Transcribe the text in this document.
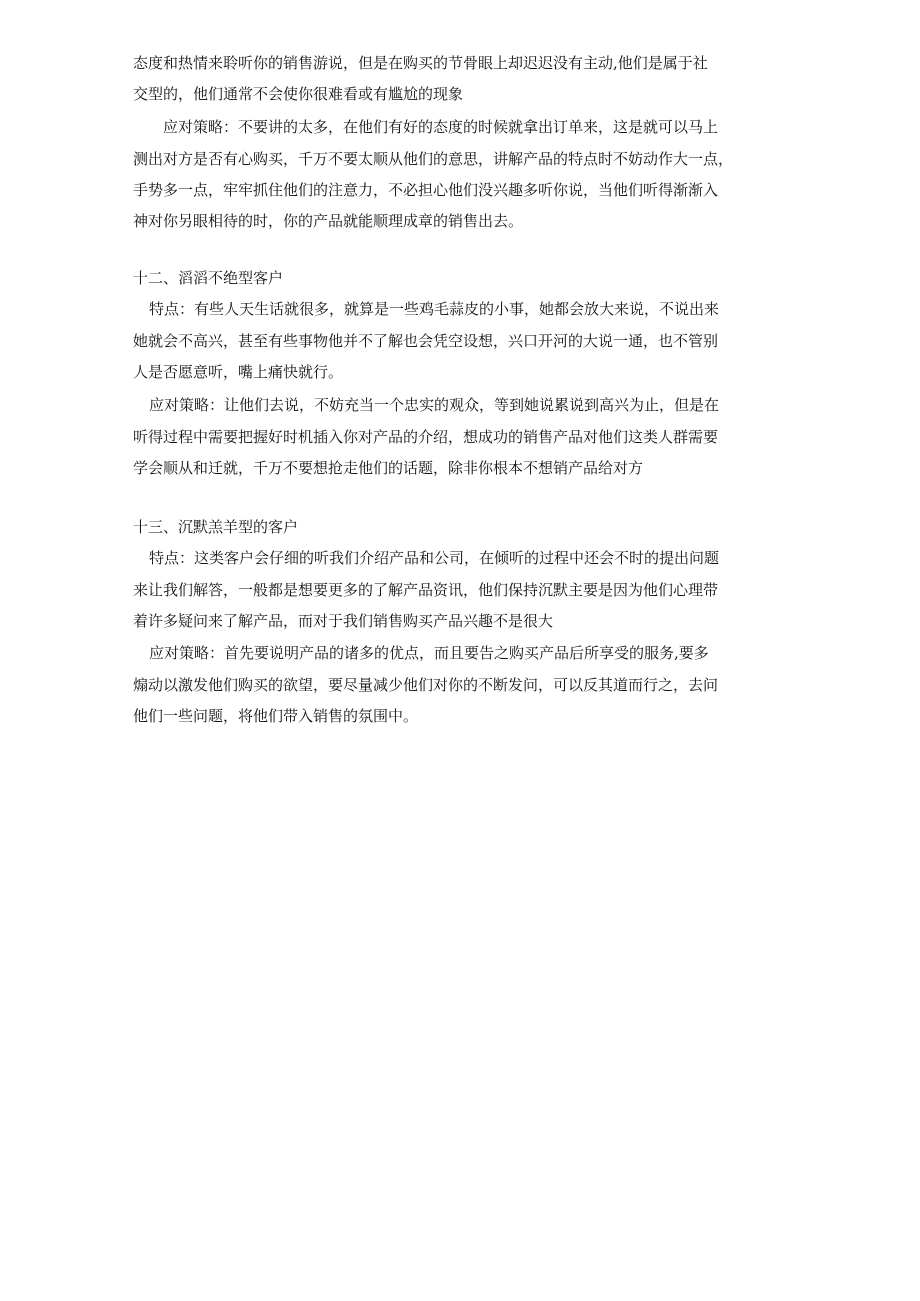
态度和热情来聆听你的销售游说，但是在购买的节骨眼上却迟迟没有主动,他们是属于社

交型的，他们通常不会使你很难看或有尴尬的现象

应对策略：不要讲的太多，在他们有好的态度的时候就拿出订单来，这是就可以马上

测出对方是否有心购买，千万不要太顺从他们的意思，讲解产品的特点时不妨动作大一点，

手势多一点，牢牢抓住他们的注意力，不必担心他们没兴趣多听你说，当他们听得渐渐入

神对你另眼相待的时，你的产品就能顺理成章的销售出去。

十二、滔滔不绝型客户

特点：有些人天生话就很多，就算是一些鸡毛蒜皮的小事，她都会放大来说，不说出来

她就会不高兴，甚至有些事物他并不了解也会凭空设想，兴口开河的大说一通，也不管别

人是否愿意听，嘴上痛快就行。

应对策略：让他们去说，不妨充当一个忠实的观众，等到她说累说到高兴为止，但是在

听得过程中需要把握好时机插入你对产品的介绍，想成功的销售产品对他们这类人群需要

学会顺从和迁就，千万不要想抢走他们的话题，除非你根本不想销产品给对方

十三、沉默羔羊型的客户

特点：这类客户会仔细的听我们介绍产品和公司，在倾听的过程中还会不时的提出问题

来让我们解答，一般都是想要更多的了解产品资讯，他们保持沉默主要是因为他们心理带

着许多疑问来了解产品，而对于我们销售购买产品兴趣不是很大

应对策略：首先要说明产品的诸多的优点，而且要告之购买产品后所享受的服务,要多

煽动以激发他们购买的欲望，要尽量减少他们对你的不断发问，可以反其道而行之，去问

他们一些问题，将他们带入销售的氛围中。
